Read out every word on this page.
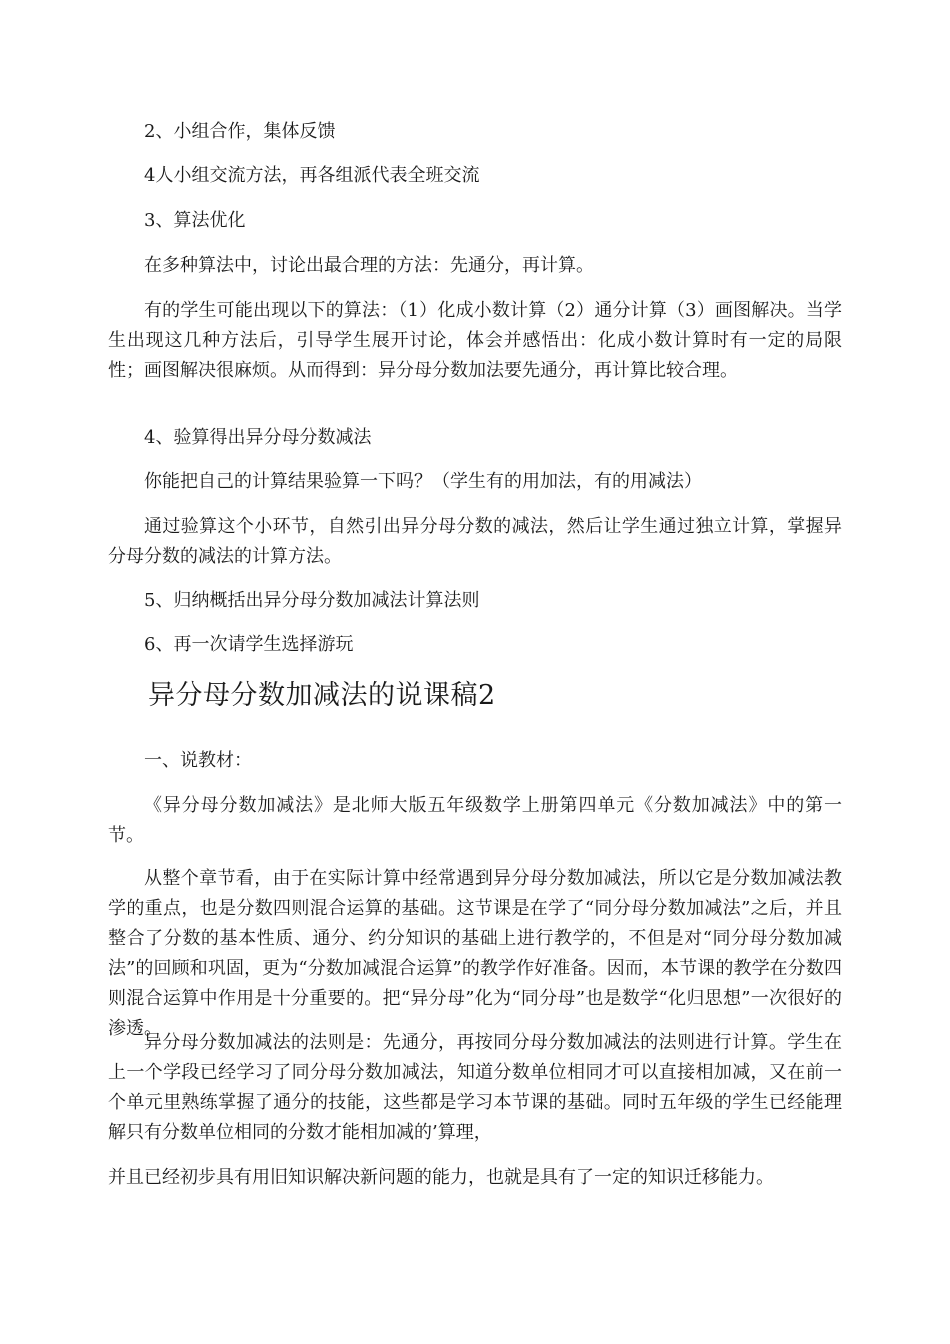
2、小组合作，集体反馈

4人小组交流方法，再各组派代表全班交流

3、算法优化

在多种算法中，讨论出最合理的方法：先通分，再计算。

有的学生可能出现以下的算法：（1）化成小数计算（2）通分计算（3）画图解决。当学生出现这几种方法后，引导学生展开讨论，体会并感悟出：化成小数计算时有一定的局限性；画图解决很麻烦。从而得到：异分母分数加法要先通分，再计算比较合理。

4、验算得出异分母分数减法

你能把自己的计算结果验算一下吗？（学生有的用加法，有的用减法）

通过验算这个小环节，自然引出异分母分数的减法，然后让学生通过独立计算，掌握异分母分数的减法的计算方法。

5、归纳概括出异分母分数加减法计算法则

6、再一次请学生选择游玩

异分母分数加减法的说课稿2

一、说教材：

《异分母分数加减法》是北师大版五年级数学上册第四单元《分数加减法》中的第一节。

从整个章节看，由于在实际计算中经常遇到异分母分数加减法，所以它是分数加减法教学的重点，也是分数四则混合运算的基础。这节课是在学了“同分母分数加减法”之后，并且整合了分数的基本性质、通分、约分知识的基础上进行教学的，不但是对“同分母分数加减法”的回顾和巩固，更为“分数加减混合运算”的教学作好准备。因而，本节课的教学在分数四则混合运算中作用是十分重要的。把“异分母”化为“同分母”也是数学“化归思想”一次很好的渗透。

异分母分数加减法的法则是：先通分，再按同分母分数加减法的法则进行计算。学生在上一个学段已经学习了同分母分数加减法，知道分数单位相同才可以直接相加减，又在前一个单元里熟练掌握了通分的技能，这些都是学习本节课的基础。同时五年级的学生已经能理解只有分数单位相同的分数才能相加减的’算理，

并且已经初步具有用旧知识解决新问题的能力，也就是具有了一定的知识迁移能力。
